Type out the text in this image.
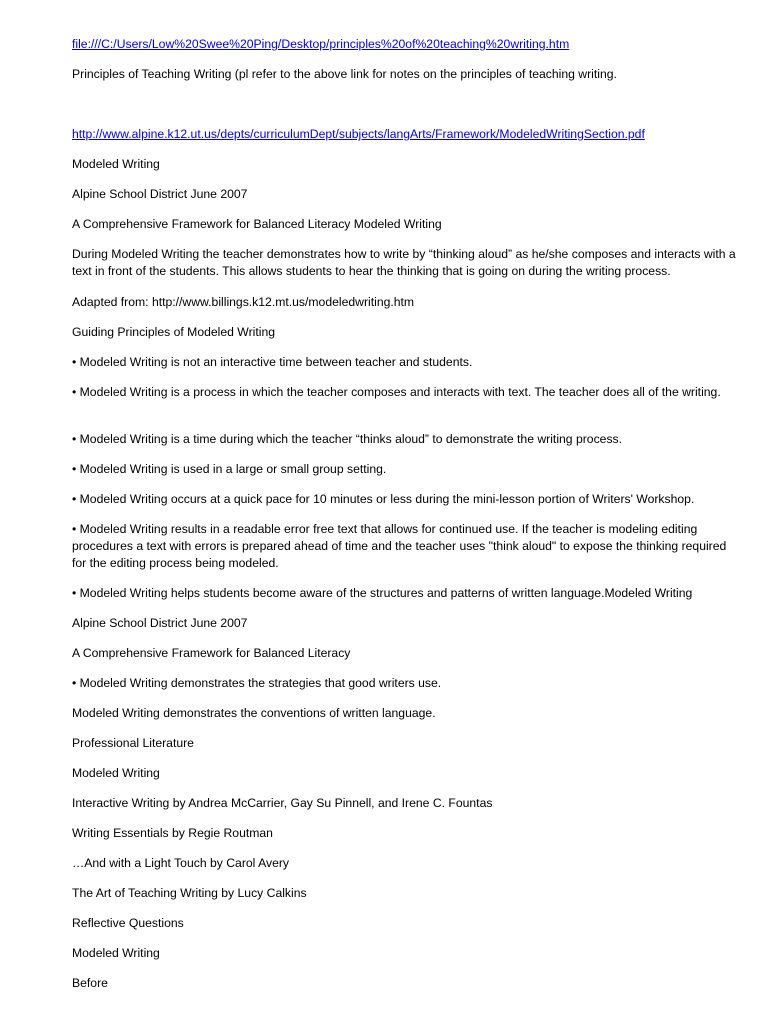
file:///C:/Users/Low%20Swee%20Ping/Desktop/principles%20of%20teaching%20writing.htm
Principles of Teaching Writing (pl refer to the above link for notes on the principles of teaching writing.
http://www.alpine.k12.ut.us/depts/curriculumDept/subjects/langArts/Framework/ModeledWritingSection.pdf
Modeled Writing
Alpine School District June 2007
A Comprehensive Framework for Balanced Literacy Modeled Writing
During Modeled Writing the teacher demonstrates how to write by “thinking aloud” as he/she composes and interacts with a text in front of the students. This allows students to hear the thinking that is going on during the writing process.
Adapted from: http://www.billings.k12.mt.us/modeledwriting.htm
Guiding Principles of Modeled Writing
• Modeled Writing is not an interactive time between teacher and students.
• Modeled Writing is a process in which the teacher composes and interacts with text. The teacher does all of the writing.
• Modeled Writing is a time during which the teacher “thinks aloud” to demonstrate the writing process.
• Modeled Writing is used in a large or small group setting.
• Modeled Writing occurs at a quick pace for 10 minutes or less during the mini-lesson portion of Writers' Workshop.
• Modeled Writing results in a readable error free text that allows for continued use. If the teacher is modeling editing procedures a text with errors is prepared ahead of time and the teacher uses "think aloud" to expose the thinking required for the editing process being modeled.
• Modeled Writing helps students become aware of the structures and patterns of written language.Modeled Writing
Alpine School District June 2007
A Comprehensive Framework for Balanced Literacy
• Modeled Writing demonstrates the strategies that good writers use.
Modeled Writing demonstrates the conventions of written language.
Professional Literature
Modeled Writing
Interactive Writing by Andrea McCarrier, Gay Su Pinnell, and Irene C. Fountas
Writing Essentials by Regie Routman
…And with a Light Touch by Carol Avery
The Art of Teaching Writing by Lucy Calkins
Reflective Questions
Modeled Writing
Before
